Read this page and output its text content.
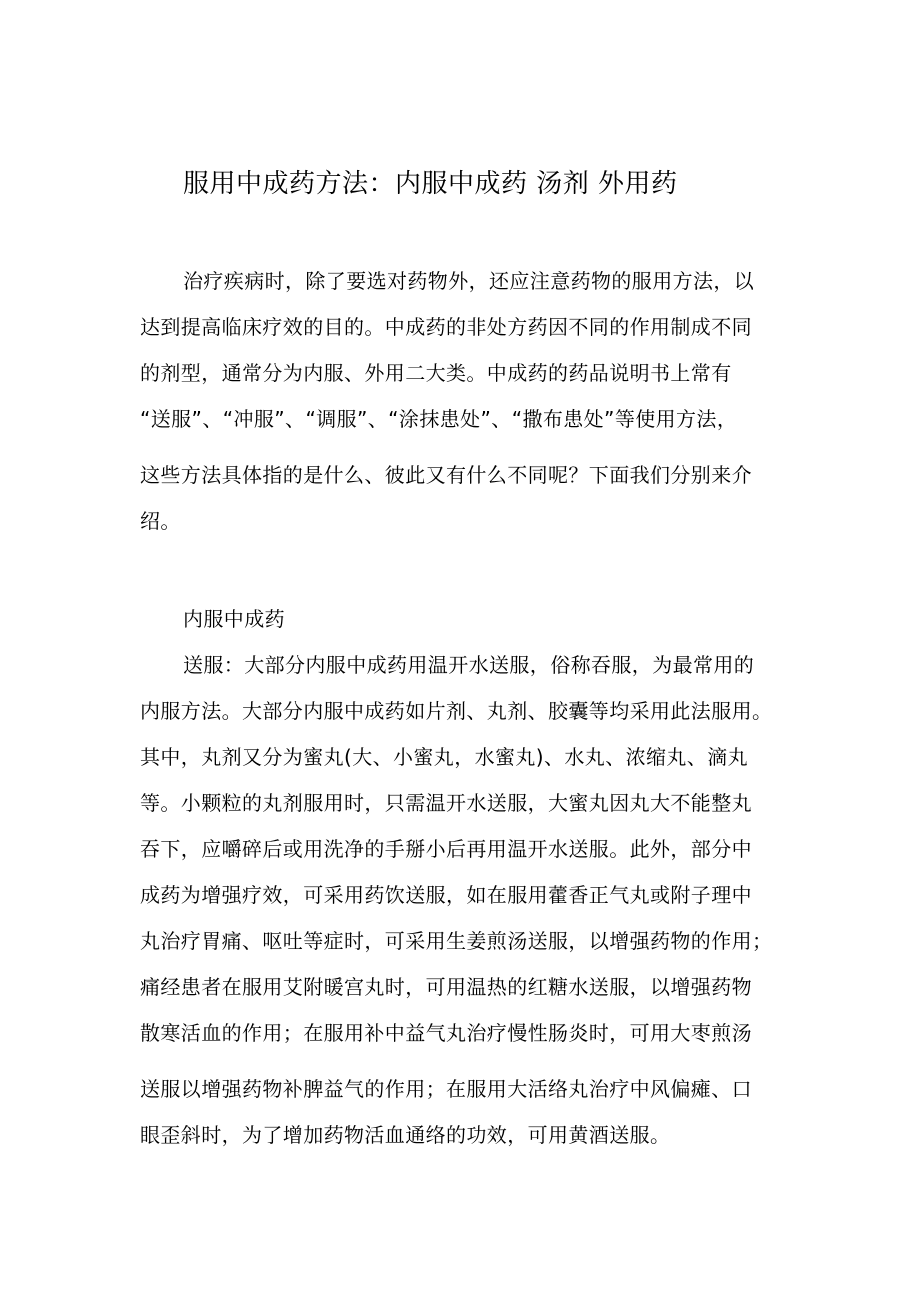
服用中成药方法：内服中成药 汤剂 外用药
治疗疾病时，除了要选对药物外，还应注意药物的服用方法，以
达到提高临床疗效的目的。中成药的非处方药因不同的作用制成不同
的剂型，通常分为内服、外用二大类。中成药的药品说明书上常有
“送服”、“冲服”、“调服”、“涂抹患处”、“撒布患处”等使用方法，
这些方法具体指的是什么、彼此又有什么不同呢？下面我们分别来介
绍。
内服中成药
送服：大部分内服中成药用温开水送服，俗称吞服，为最常用的
内服方法。大部分内服中成药如片剂、丸剂、胶囊等均采用此法服用。
其中，丸剂又分为蜜丸(大、小蜜丸，水蜜丸)、水丸、浓缩丸、滴丸
等。小颗粒的丸剂服用时，只需温开水送服，大蜜丸因丸大不能整丸
吞下，应嚼碎后或用洗净的手掰小后再用温开水送服。此外，部分中
成药为增强疗效，可采用药饮送服，如在服用藿香正气丸或附子理中
丸治疗胃痛、呕吐等症时，可采用生姜煎汤送服，以增强药物的作用；
痛经患者在服用艾附暖宫丸时，可用温热的红糖水送服，以增强药物
散寒活血的作用；在服用补中益气丸治疗慢性肠炎时，可用大枣煎汤
送服以增强药物补脾益气的作用；在服用大活络丸治疗中风偏瘫、口
眼歪斜时，为了增加药物活血通络的功效，可用黄酒送服。
